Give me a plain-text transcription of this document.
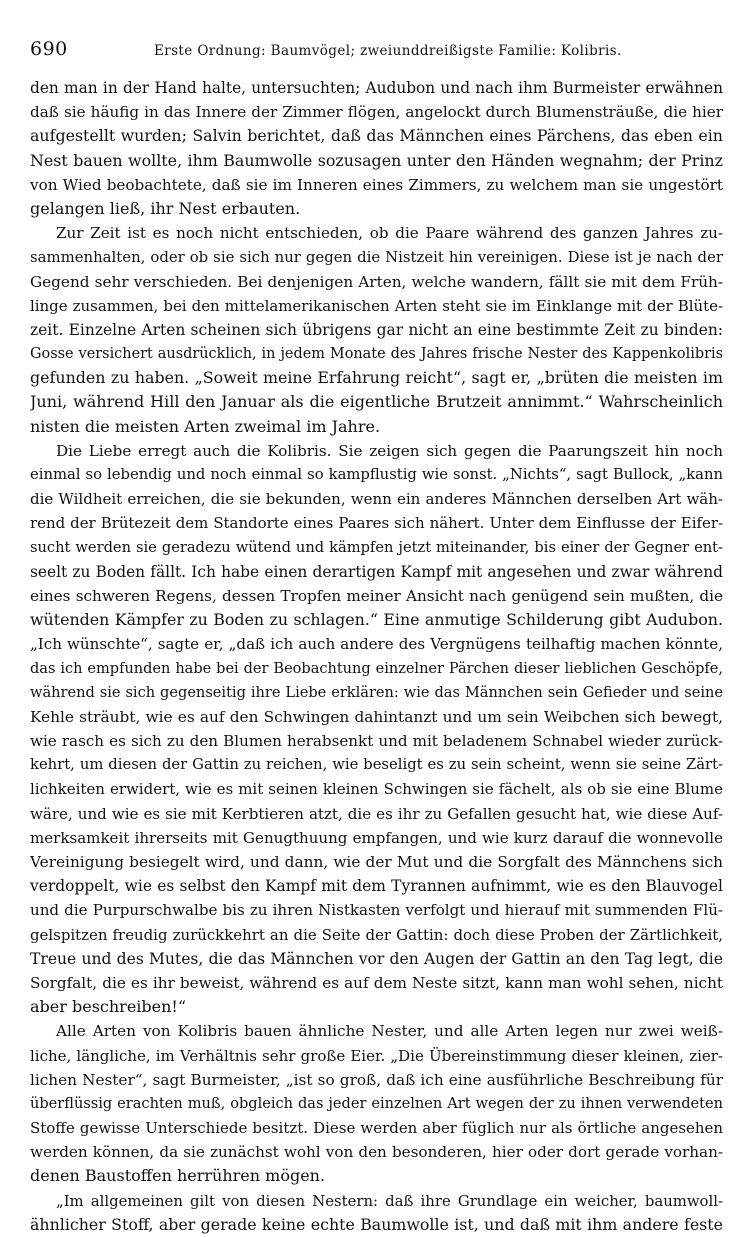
690	Erste Ordnung: Baumvögel; zweiunddreißigste Familie: Kolibris.
den man in der Hand halte, untersuchten; Audubon und nach ihm Burmeister erwähnen
daß sie häufig in das Innere der Zimmer flögen, angelockt durch Blumensträuße, die hier
aufgestellt wurden; Salvin berichtet, daß das Männchen eines Pärchens, das eben ein
Nest bauen wollte, ihm Baumwolle sozusagen unter den Händen wegnahm; der Prinz
von Wied beobachtete, daß sie im Inneren eines Zimmers, zu welchem man sie ungestört
gelangen ließ, ihr Nest erbauten.
Zur Zeit ist es noch nicht entschieden, ob die Paare während des ganzen Jahres zu-
sammenhalten, oder ob sie sich nur gegen die Nistzeit hin vereinigen. Diese ist je nach der
Gegend sehr verschieden. Bei denjenigen Arten, welche wandern, fällt sie mit dem Früh-
linge zusammen, bei den mittelamerikanischen Arten steht sie im Einklange mit der Blüte-
zeit. Einzelne Arten scheinen sich übrigens gar nicht an eine bestimmte Zeit zu binden:
Gosse versichert ausdrücklich, in jedem Monate des Jahres frische Nester des Kappenkolibris
gefunden zu haben. „Soweit meine Erfahrung reicht“, sagt er, „brüten die meisten im
Juni, während Hill den Januar als die eigentliche Brutzeit annimmt.“ Wahrscheinlich
nisten die meisten Arten zweimal im Jahre.
Die Liebe erregt auch die Kolibris. Sie zeigen sich gegen die Paarungszeit hin noch
einmal so lebendig und noch einmal so kampflustig wie sonst. „Nichts“, sagt Bullock, „kann
die Wildheit erreichen, die sie bekunden, wenn ein anderes Männchen derselben Art wäh-
rend der Brütezeit dem Standorte eines Paares sich nähert. Unter dem Einflusse der Eifer-
sucht werden sie geradezu wütend und kämpfen jetzt miteinander, bis einer der Gegner ent-
seelt zu Boden fällt. Ich habe einen derartigen Kampf mit angesehen und zwar während
eines schweren Regens, dessen Tropfen meiner Ansicht nach genügend sein mußten, die
wütenden Kämpfer zu Boden zu schlagen.“ Eine anmutige Schilderung gibt Audubon.
„Ich wünschte“, sagte er, „daß ich auch andere des Vergnügens teilhaftig machen könnte,
das ich empfunden habe bei der Beobachtung einzelner Pärchen dieser lieblichen Geschöpfe,
während sie sich gegenseitig ihre Liebe erklären: wie das Männchen sein Gefieder und seine
Kehle sträubt, wie es auf den Schwingen dahintanzt und um sein Weibchen sich bewegt,
wie rasch es sich zu den Blumen herabsenkt und mit beladenem Schnabel wieder zurück-
kehrt, um diesen der Gattin zu reichen, wie beseligt es zu sein scheint, wenn sie seine Zärt-
lichkeiten erwidert, wie es mit seinen kleinen Schwingen sie fächelt, als ob sie eine Blume
wäre, und wie es sie mit Kerbtieren atzt, die es ihr zu Gefallen gesucht hat, wie diese Auf-
merksamkeit ihrerseits mit Genugthuung empfangen, und wie kurz darauf die wonnevolle
Vereinigung besiegelt wird, und dann, wie der Mut und die Sorgfalt des Männchens sich
verdoppelt, wie es selbst den Kampf mit dem Tyrannen aufnimmt, wie es den Blauvogel
und die Purpurschwalbe bis zu ihren Nistkasten verfolgt und hierauf mit summenden Flü-
gelspitzen freudig zurückkehrt an die Seite der Gattin: doch diese Proben der Zärtlichkeit,
Treue und des Mutes, die das Männchen vor den Augen der Gattin an den Tag legt, die
Sorgfalt, die es ihr beweist, während es auf dem Neste sitzt, kann man wohl sehen, nicht
aber beschreiben!“
Alle Arten von Kolibris bauen ähnliche Nester, und alle Arten legen nur zwei weiß-
liche, längliche, im Verhältnis sehr große Eier. „Die Übereinstimmung dieser kleinen, zier-
lichen Nester“, sagt Burmeister, „ist so groß, daß ich eine ausführliche Beschreibung für
überflüssig erachten muß, obgleich das jeder einzelnen Art wegen der zu ihnen verwendeten
Stoffe gewisse Unterschiede besitzt. Diese werden aber füglich nur als örtliche angesehen
werden können, da sie zunächst wohl von den besonderen, hier oder dort gerade vorhan-
denen Baustoffen herrühren mögen.
„Im allgemeinen gilt von diesen Nestern: daß ihre Grundlage ein weicher, baumwoll-
ähnlicher Stoff, aber gerade keine echte Baumwolle ist, und daß mit ihm andere feste
